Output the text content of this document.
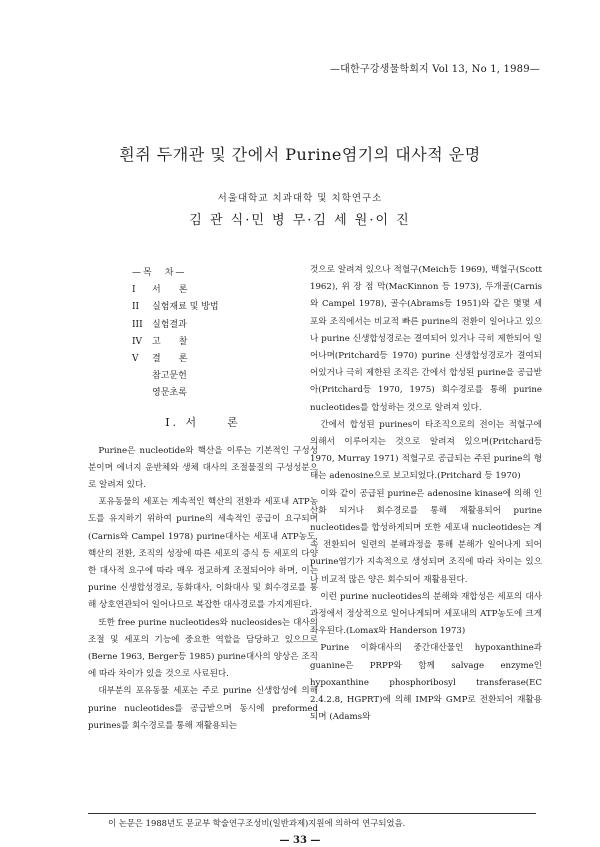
—대한구강생물학회지 Vol 13, No 1, 1989—
흰쥐 두개관 및 간에서 Purine염기의 대사적 운명
서울대학교 치과대학 및 치학연구소
김 관 식·민 병 무·김 세 원·이 진
—목　차—
I	서　　론
II	실험재료 및 방법
III	실험결과
IV	고　　찰
V	결　　론
참고문헌
영문초록
I. 서　　론

Purine은 nucleotide와 핵산을 이루는 기본적인 구성성분이며 에너지 운반체와 생체 대사의 조절물질의 구성성분으로 알려져 있다.

포유동물의 세포는 계속적인 핵산의 전환과 세포내 ATP농도를 유지하기 위하여 purine의 세속적인 공급이 요구되며(Carnis와 Campel 1978) purine대사는 세포내 ATP농도, 핵산의 전환, 조직의 성장에 따른 세포의 증식 등 세포의 다양한 대사적 요구에 따라 매우 정교하게 조절되어야 하며, 이는 purine 신생합성경로, 동화대사, 이화대사 및 회수경로를 통해 상호연관되어 일어나므로 복잡한 대사경로를 가지게된다.

또한 free purine nucleotides와 nucleosides는 대사의 조절 및 세포의 기능에 중요한 역할을 담당하고 있으므로(Berne 1963, Berger등 1985) purine대사의 양상은 조직에 따라 차이가 있을 것으로 사료된다.

대부분의 포유동물 세포는 주로 purine 신생합성에 의해 purine nucleotides를 공급받으며 동시에 preformed purines를 회수경로를 통해 재활용되는

것으로 알려져 있으나 적혈구(Meich등 1969), 백혈구(Scott 1962), 위 장 점 막(MacKinnon 등 1973), 두개골(Carnis와 Campel 1978), 골수(Abrams등 1951)와 같은 몇몇 세포와 조직에서는 비교적 빠른 purine의 전환이 일어나고 있으나 purine 신생합성경로는 결여되어 있거나 극히 제한되어 일어나며(Pritchard등 1970) purine 신생합성경로가 결여되어있거나 극히 제한된 조직은 간에서 합성된 purine을 공급받아(Pritchard등 1970, 1975) 회수경로를 통해 purine nucleotides를 합성하는 것으로 알려져 있다.

간에서 합성된 purines이 타조직으로의 전이는 적혈구에 의해서 이루어지는 것으로 알려져 있으며(Pritchard등 1970, Murray 1971) 적혈구로 공급되는 주된 purine의 형태는 adenosine으로 보고되었다.(Pritchard 등 1970)

이와 같이 공급된 purine은 adenosine kinase에 의해 인산화 되거나 회수경로를 통해 재활용되어 purine nucleotides를 합성하게되며 또한 세포내 nucleotides는 계속 전환되어 일련의 분해과정을 통해 분해가 일어나게 되어 purine염기가 지속적으로 생성되며 조직에 따라 차이는 있으나 비교적 많은 양은 회수되어 재활용된다.

이런 purine nucleotides의 분해와 재합성은 세포의 대사과정에서 정상적으로 일어나게되며 세포내의 ATP농도에 크게 좌우된다.(Lomax와 Handerson 1973)

Purine 이화대사의 중간대산물인 hypoxanthine과 guanine은 PRPP와 함께 salvage enzyme인 hypoxanthine phosphoribosyl transferase(EC 2.4.2.8, HGPRT)에 의해 IMP와 GMP로 전환되어 재활용되며 (Adams와

이 논문은 1988년도 문교부 학술연구조성비(일반과제)지원에 의하여 연구되었음.
— 33 —
